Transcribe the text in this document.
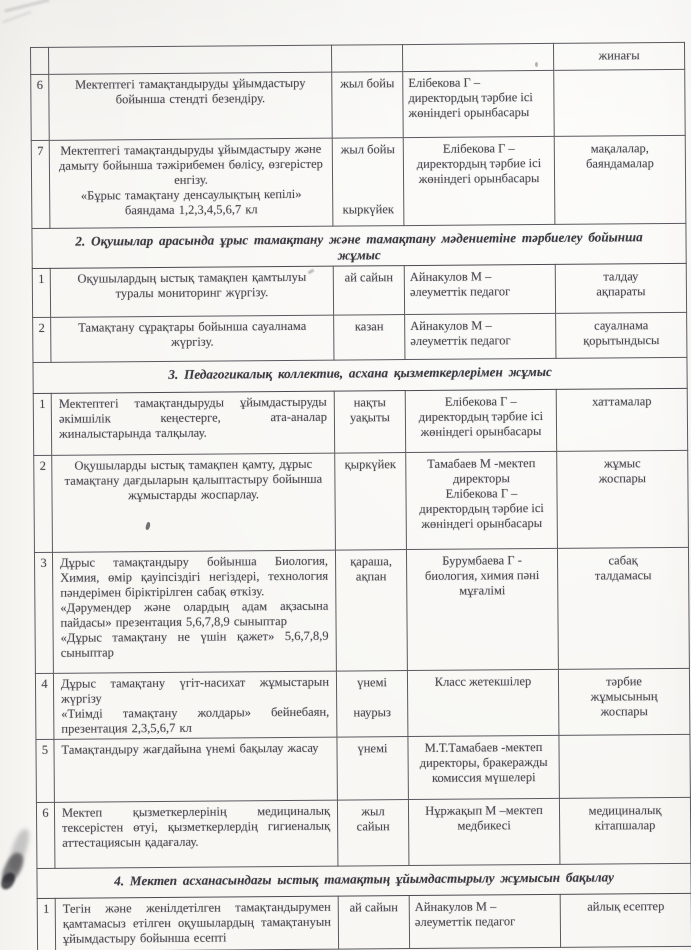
				жинағы
6	Мектептегі тамақтандыруды ұйымдастыру бойынша стендті безендіру.	жыл бойы	Елібекова Г –
директордың тәрбие ісі
жөніндегі орынбасары	
7	Мектептегі тамақтандыруды ұйымдастыру және дамыту бойынша тәжірибемен бөлісу, өзгерістер енгізу.
«Бұрыс тамақтану денсаулықтың кепілі»
баяндама 1,2,3,4,5,6,7 кл	жыл бойы

кыркүйек	Елібекова Г –
директордың тәрбие ісі
жөніндегі орынбасары	мақалалар,
баяндамалар
2. Оқушылар арасында ұрыс тамақтану және тамақтану мәдениетіне тәрбиелеу бойынша
жұмыс				
1	Оқушылардың ыстық тамақпен қамтылуы туралы мониторинг жүргізу.	ай сайын	Айнакулов М –
әлеуметтік педагог	талдау
ақпараты
2	Тамақтану сұрақтары бойынша сауалнама жүргізу.	казан	Айнакулов М –
әлеуметтік педагог	сауалнама
қорытындысы
3. Педагогикалық коллектив, асхана қызметкерлерімен жұмыс				
1	Мектептегі тамақтандыруды ұйымдастыруды әкімшілік кеңестерге, ата-аналар жиналыстарында талқылау.	нақты
уақыты	Елібекова Г –
директордың тәрбие ісі
жөніндегі орынбасары	хаттамалар
2	Оқушыларды ыстық тамақпен қамту, дұрыс тамақтану дағдыларын қалыптастыру бойынша жұмыстарды жоспарлау.	қыркүйек	Тамабаев М -мектеп
директоры
Елібекова Г –
директордың тәрбие ісі
жөніндегі орынбасары	жұмыс
жоспары
3	Дұрыс тамақтандыру бойынша Биология, Химия, өмір қауіпсіздігі негіздері, технология пәндерімен біріктірілген сабақ өткізу.
«Дәрумендер және олардың адам ақзасына пайдасы» презентация 5,6,7,8,9 сыныптар
«Дұрыс тамақтану не үшін қажет» 5,6,7,8,9 сыныптар	қараша,
ақпан	Бурумбаева Г -
биология, химия пәні
мұғалімі	сабақ
талдамасы
4	Дұрыс тамақтану үгіт-насихат жұмыстарын жүргізу
«Тиімді тамақтану жолдары» бейнебаян, презентация 2,3,5,6,7 кл	үнемі

наурыз	Класс жетекшілер	тәрбие
жұмысының
жоспары
5	Тамақтандыру жағдайына үнемі бақылау жасау	үнемі	М.Т.Тамабаев -мектеп
директоры, бракеражды
комиссия мүшелері	
6	Мектеп қызметкерлерінің медициналық тексерістен өтуі, қызметкерлердің гигиеналық аттестациясын қадағалау.	жыл
сайын	Нұржақып М –мектеп
медбикесі	медициналық
кітапшалар
4. Мектеп асханасындағы ыстық тамақтың ұйымдастырылу жұмысын бақылау				
1	Тегін және женілдетілген тамақтандырумен қамтамасыз етілген оқушылардың тамақтануын ұйымдастыру бойынша есепті	ай сайын	Айнакулов М –
әлеуметтік педагог	айлық есептер
